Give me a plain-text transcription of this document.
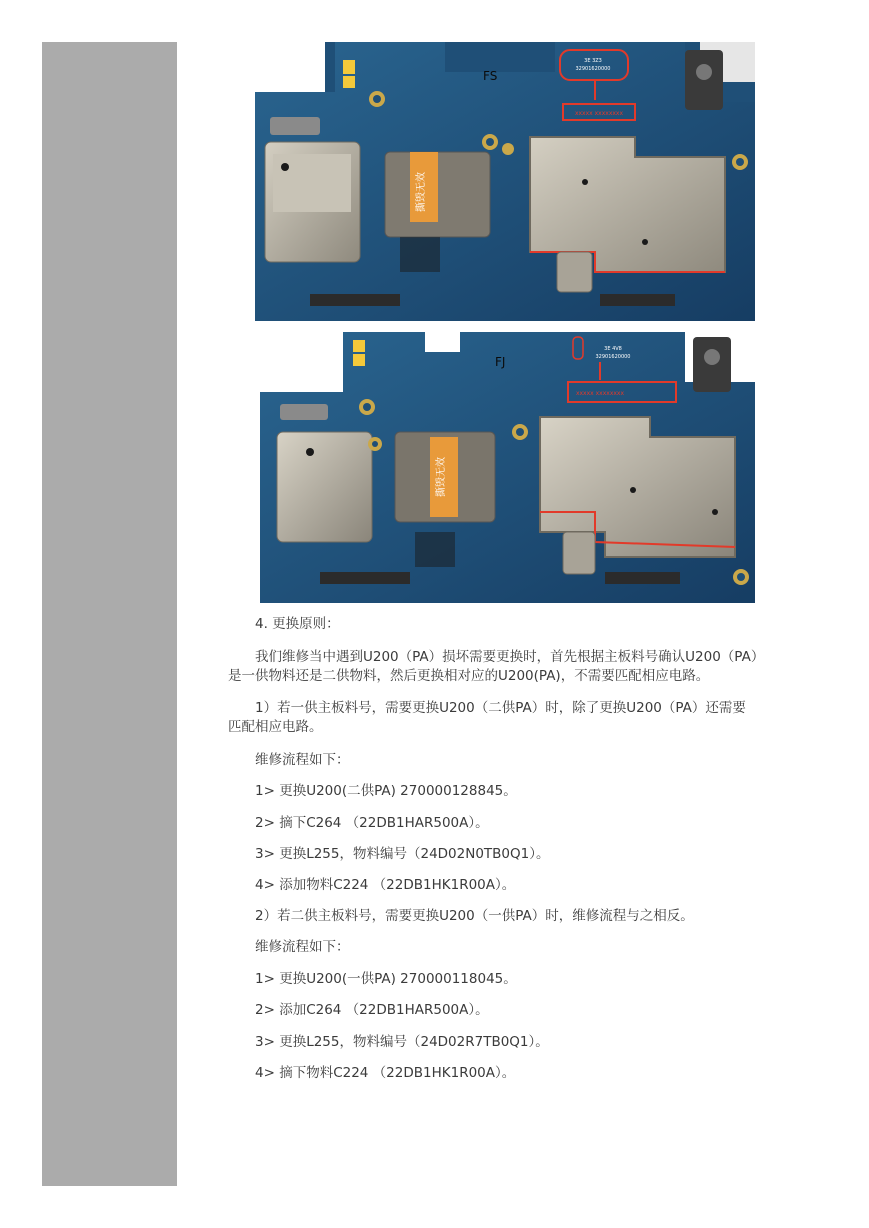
撕毁无效
FS
3E 3Z3
32901620000
xxxxx xxxxxxxx
撕毁无效
FJ
3E 4V8
32901620000
xxxxx xxxxxxxx
4. 更换原则：
我们维修当中遇到U200（PA）损坏需要更换时，首先根据主板料号确认U200（PA）
是一供物料还是二供物料，然后更换相对应的U200(PA)，不需要匹配相应电路。
1）若一供主板料号，需要更换U200（二供PA）时，除了更换U200（PA）还需要
匹配相应电路。
维修流程如下：
1> 更换U200(二供PA) 270000128845。
2> 摘下C264 （22DB1HAR500A）。
3> 更换L255，物料编号（24D02N0TB0Q1）。
4> 添加物料C224 （22DB1HK1R00A）。
2）若二供主板料号，需要更换U200（一供PA）时，维修流程与之相反。
维修流程如下：
1> 更换U200(一供PA) 270000118045。
2> 添加C264 （22DB1HAR500A）。
3> 更换L255，物料编号（24D02R7TB0Q1）。
4> 摘下物料C224 （22DB1HK1R00A）。
